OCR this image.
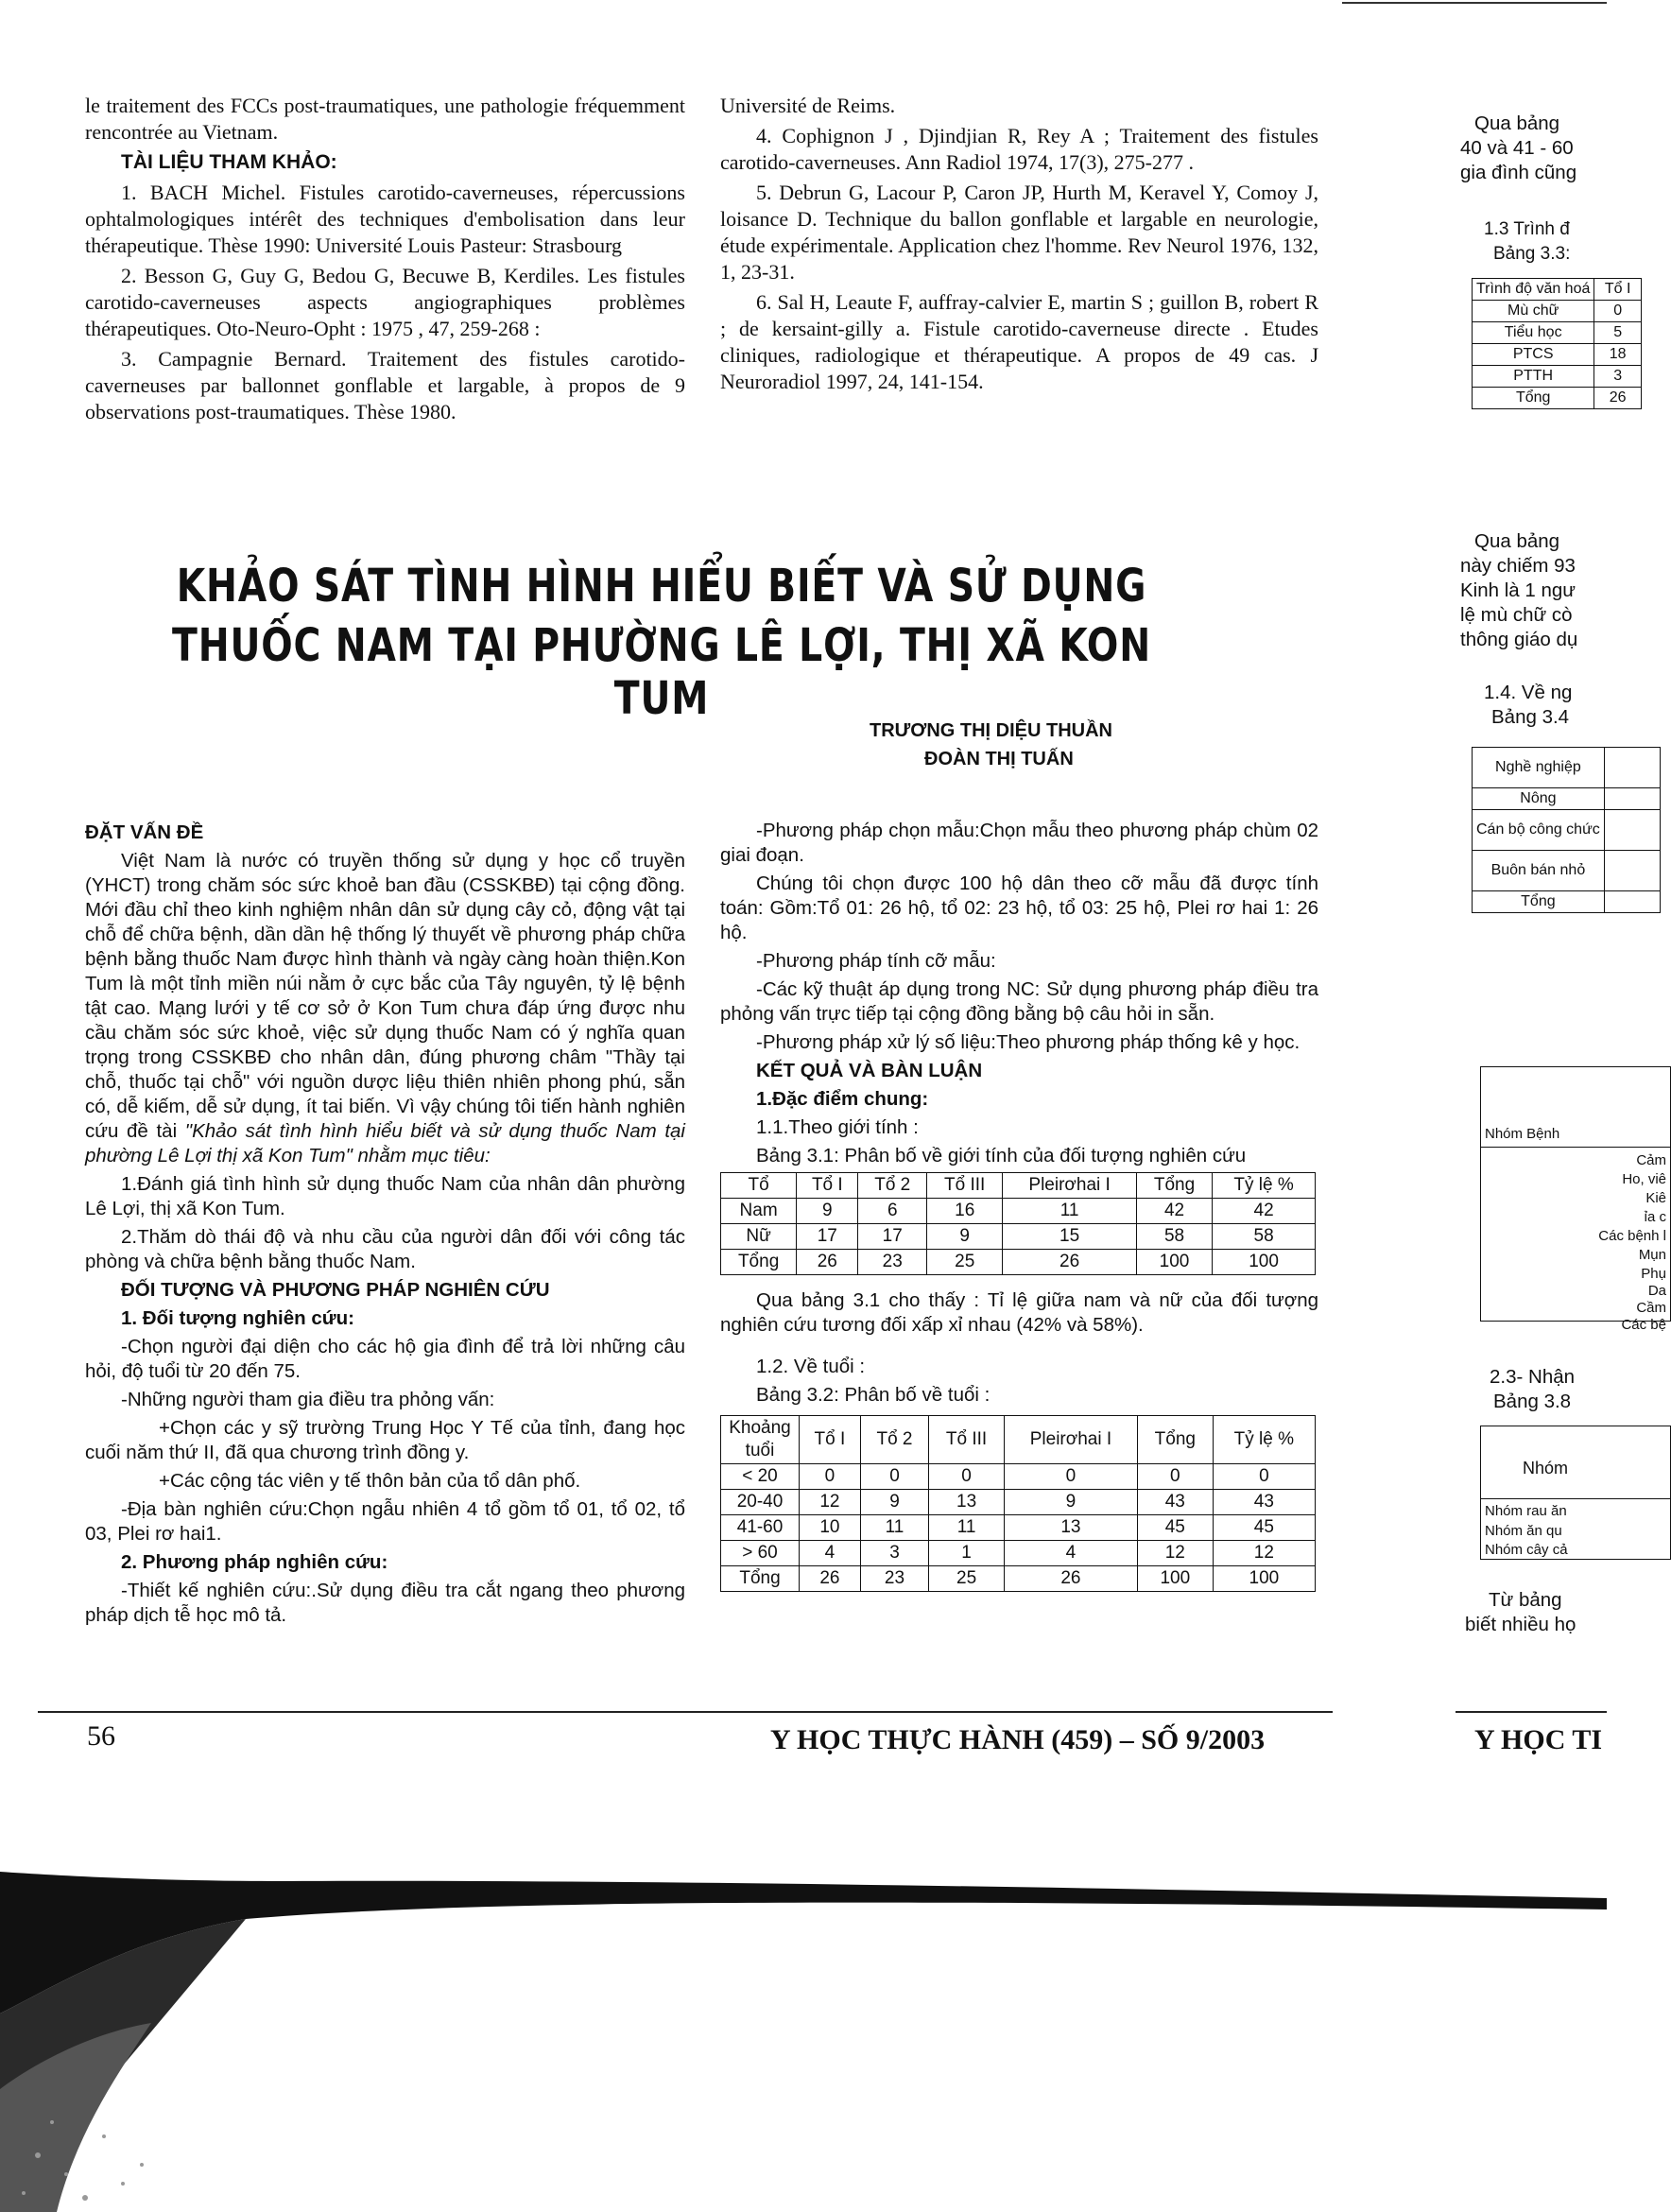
le traitement des FCCs post-traumatiques, une pathologie fréquemment rencontrée au Vietnam.

TÀI LIỆU THAM KHẢO:

1. BACH Michel. Fistules carotido-caverneuses, répercussions ophtalmologiques intérêt des techniques d'embolisation dans leur thérapeutique. Thèse 1990: Université Louis Pasteur: Strasbourg

2. Besson G, Guy G, Bedou G, Becuwe B, Kerdiles. Les fistules carotido-caverneuses aspects angiographiques problèmes thérapeutiques. Oto-Neuro-Opht : 1975 , 47, 259-268 :

3. Campagnie Bernard. Traitement des fistules carotido-caverneuses par ballonnet gonflable et largable, à propos de 9 observations post-traumatiques. Thèse 1980.

Université de Reims.

4. Cophignon J , Djindjian R, Rey A ; Traitement des fistules carotido-caverneuses. Ann Radiol 1974, 17(3), 275-277 .

5. Debrun G, Lacour P, Caron JP, Hurth M, Keravel Y, Comoy J, loisance D. Technique du ballon gonflable et largable en neurologie, étude expérimentale. Application chez l'homme. Rev Neurol 1976, 132, 1, 23-31.

6. Sal H, Leaute F, auffray-calvier E, martin S ; guillon B, robert R ; de kersaint-gilly a. Fistule carotido-caverneuse directe . Etudes cliniques, radiologique et thérapeutique. A propos de 49 cas. J Neuroradiol 1997, 24, 141-154.

KHẢO SÁT TÌNH HÌNH HIỂU BIẾT VÀ SỬ DỤNG
THUỐC NAM TẠI PHƯỜNG LÊ LỢI, THỊ XÃ KON TUM
TRƯƠNG THỊ DIỆU THUẦN
ĐOÀN THỊ TUẤN

ĐẶT VẤN ĐỀ

Việt Nam là nước có truyền thống sử dụng y học cổ truyền (YHCT) trong chăm sóc sức khoẻ ban đầu (CSSKBĐ) tại cộng đồng. Mới đầu chỉ theo kinh nghiệm nhân dân sử dụng cây cỏ, động vật tại chỗ để chữa bệnh, dần dần hệ thống lý thuyết về phương pháp chữa bệnh bằng thuốc Nam được hình thành và ngày càng hoàn thiện.Kon Tum là một tỉnh miền núi nằm ở cực bắc của Tây nguyên, tỷ lệ bệnh tật cao. Mạng lưới y tế cơ sở ở Kon Tum chưa đáp ứng được nhu cầu chăm sóc sức khoẻ, việc sử dụng thuốc Nam có ý nghĩa quan trọng trong CSSKBĐ cho nhân dân, đúng phương châm "Thầy tại chỗ, thuốc tại chỗ" với nguồn dược liệu thiên nhiên phong phú, sẵn có, dễ kiếm, dễ sử dụng, ít tai biến. Vì vậy chúng tôi tiến hành nghiên cứu đề tài "Khảo sát tình hình hiểu biết và sử dụng thuốc Nam tại phường Lê Lợi thị xã Kon Tum" nhằm mục tiêu:

1.Đánh giá tình hình sử dụng thuốc Nam của nhân dân phường Lê Lợi, thị xã Kon Tum.

2.Thăm dò thái độ và nhu cầu của người dân đối với công tác phòng và chữa bệnh bằng thuốc Nam.

ĐỐI TƯỢNG VÀ PHƯƠNG PHÁP NGHIÊN CỨU

1. Đối tượng nghiên cứu:

-Chọn người đại diện cho các hộ gia đình để trả lời những câu hỏi, độ tuổi từ 20 đến 75.

-Những người tham gia điều tra phỏng vấn:

+Chọn các y sỹ trường Trung Học Y Tế của tỉnh, đang học cuối năm thứ II, đã qua chương trình đồng y.

+Các cộng tác viên y tế thôn bản của tổ dân phố.

-Địa bàn nghiên cứu:Chọn ngẫu nhiên 4 tổ gồm tổ 01, tổ 02, tổ 03, Plei rơ hai1.

2. Phương pháp nghiên cứu:

-Thiết kế nghiên cứu:.Sử dụng điều tra cắt ngang theo phương pháp dịch tễ học mô tả.

-Phương pháp chọn mẫu:Chọn mẫu theo phương pháp chùm 02 giai đoạn.

Chúng tôi chọn được 100 hộ dân theo cỡ mẫu đã được tính toán: Gồm:Tổ 01: 26 hộ, tổ 02: 23 hộ, tổ 03: 25 hộ, Plei rơ hai 1: 26 hộ.

-Phương pháp tính cỡ mẫu:

-Các kỹ thuật áp dụng trong NC: Sử dụng phương pháp điều tra phỏng vấn trực tiếp tại cộng đồng bằng bộ câu hỏi in sẵn.

-Phương pháp xử lý số liệu:Theo phương pháp thống kê y học.

KẾT QUẢ VÀ BÀN LUẬN

1.Đặc điểm chung:

1.1.Theo giới tính :

Bảng 3.1: Phân bố về giới tính của đối tượng nghiên cứu

Tổ	Tổ I	Tổ 2	Tổ III	Pleirơhai I	Tổng	Tỷ lệ %
Nam	9	6	16	11	42	42
Nữ	17	17	9	15	58	58
Tổng	26	23	25	26	100	100

Qua bảng 3.1 cho thấy : Tỉ lệ giữa nam và nữ của đối tượng nghiên cứu tương đối xấp xỉ nhau (42% và 58%).

1.2. Về tuổi :

Bảng 3.2: Phân bố về tuổi :

Khoảng tuổi	Tổ I	Tổ 2	Tổ III	Pleirơhai I	Tổng	Tỷ lệ %
< 20	0	0	0	0	0	0
20-40	12	9	13	9	43	43
41-60	10	11	11	13	45	45
> 60	4	3	1	4	12	12
Tổng	26	23	25	26	100	100
Qua bảng
40 và 41 - 60
gia đình cũng
1.3 Trình đ
Bảng 3.3:
Trình độ văn hoá	Tổ I
Mù chữ	0
Tiểu học	5
PTCS	18
PTTH	3
Tổng	26
Qua bảng
này chiếm 93
Kinh là 1 ngư
lệ mù chữ cò
thông giáo dụ
1.4. Về ng
Bảng 3.4
Nghề nghiệp	
Nông	
Cán bộ công chức	
Buôn bán nhỏ	
Tổng	
Nhóm Bệnh
Cảm
Ho, viê
Kiê
ỉa c
Các bệnh l
Mụn
Phụ
Da
Cầm
Các bệ
2.3- Nhận
Bảng 3.8
Nhóm
Nhóm rau ăn
Nhóm ăn qu
Nhóm cây cả
Từ bảng
biết nhiều họ
56	Y HỌC THỰC HÀNH (459) – SỐ 9/2003	Y HỌC TI
